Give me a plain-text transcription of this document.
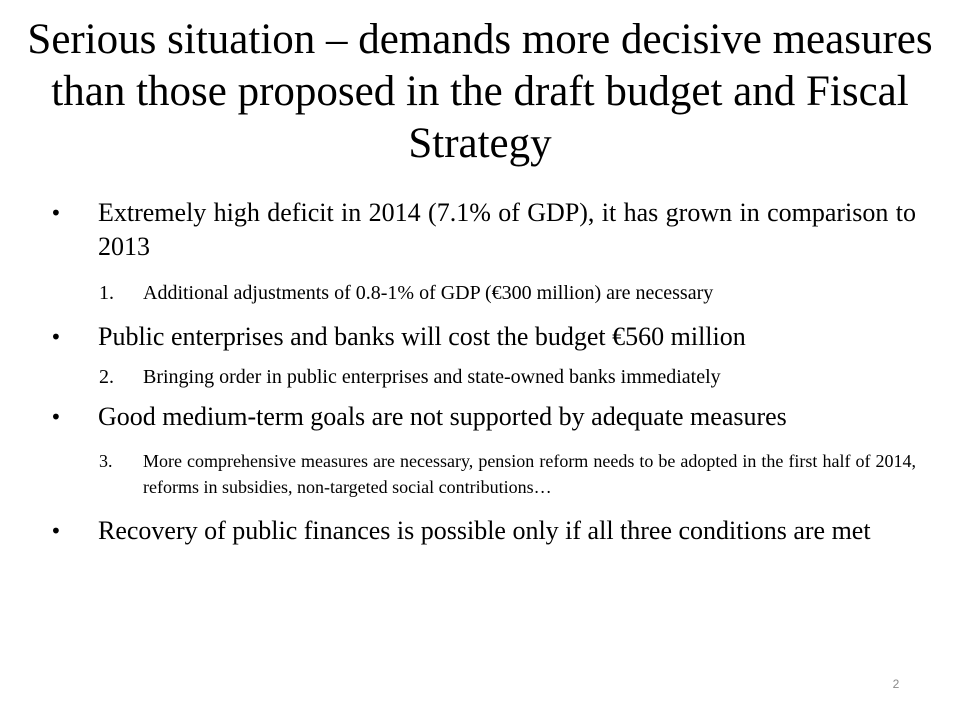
Serious situation – demands more decisive measures than those proposed in the draft budget and Fiscal Strategy
• Extremely high deficit in 2014 (7.1% of GDP), it has grown in comparison to 2013
1. Additional adjustments of 0.8-1% of GDP (€300 million) are necessary
• Public enterprises and banks will cost the budget €560 million
2. Bringing order in public enterprises and state-owned banks immediately
• Good medium-term goals are not supported by adequate measures
3. More comprehensive measures are necessary, pension reform needs to be adopted in the first half of 2014, reforms in subsidies, non-targeted social contributions…
• Recovery of public finances is possible only if all three conditions are met
2
